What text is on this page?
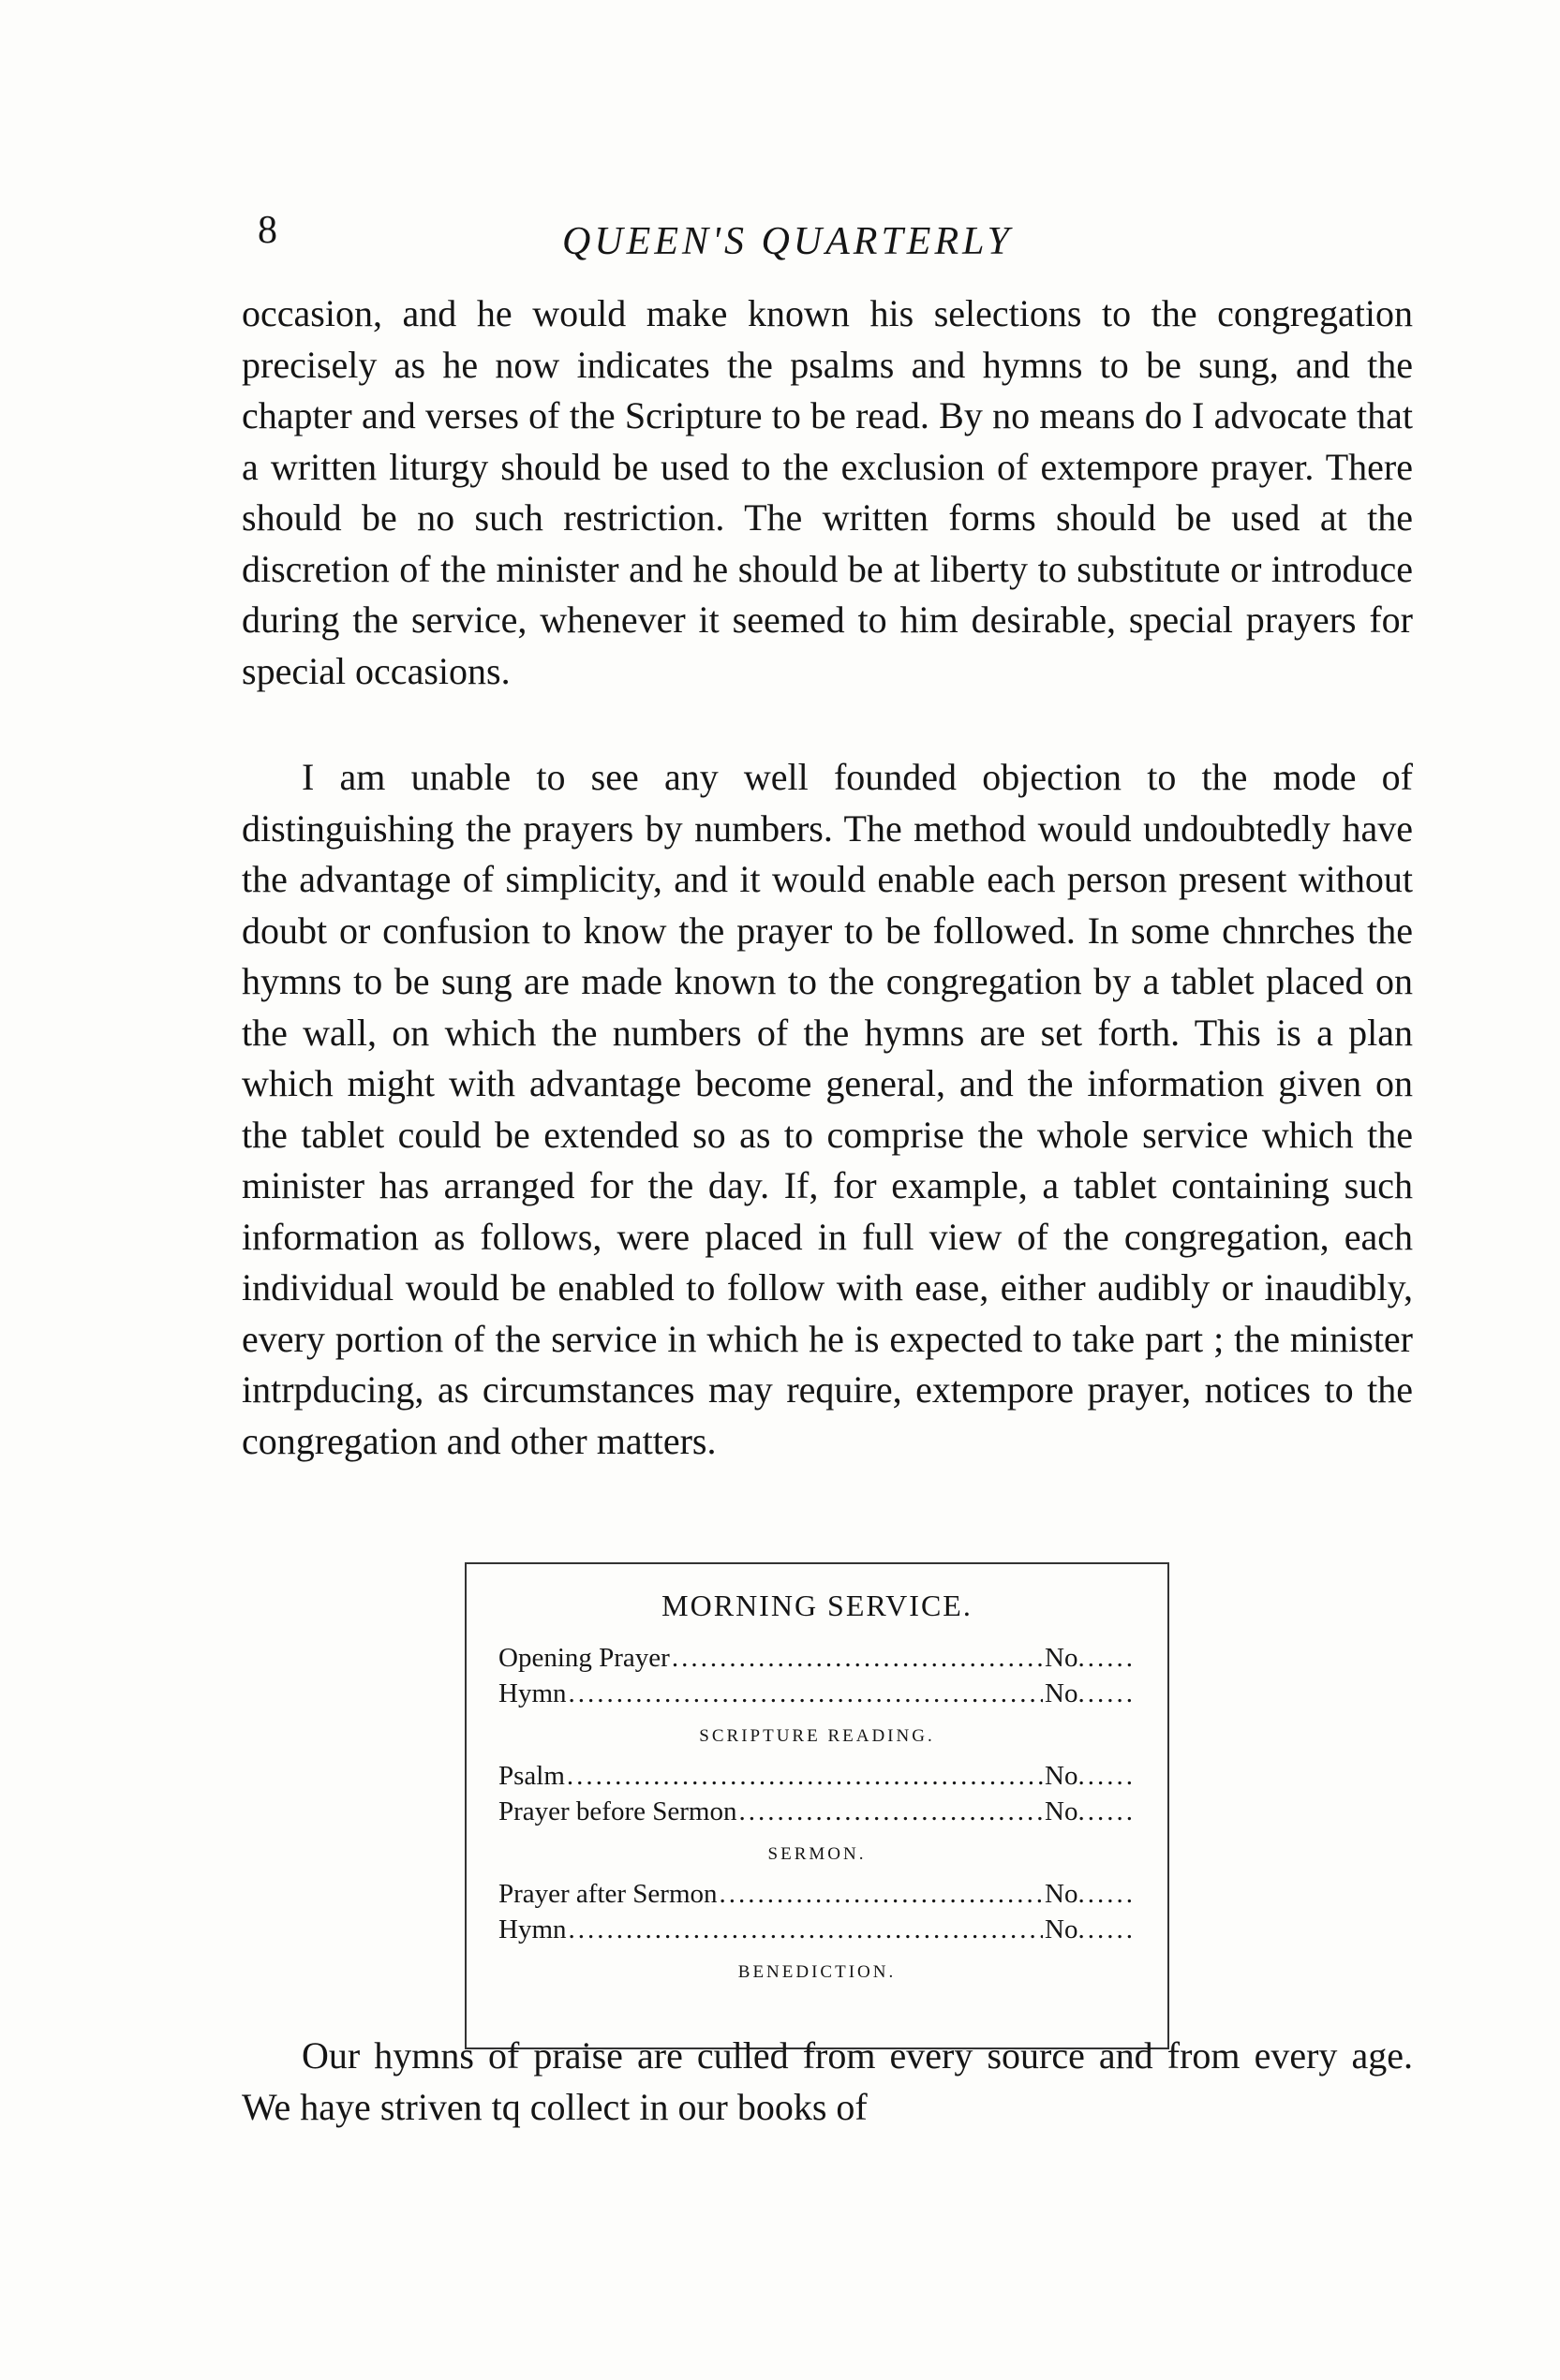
8	QUEEN'S QUARTERLY

occasion, and he would make known his selections to the congregation precisely as he now indicates the psalms and hymns to be sung, and the chapter and verses of the Scripture to be read. By no means do I advocate that a written liturgy should be used to the exclusion of extempore prayer. There should be no such restriction. The written forms should be used at the discretion of the minister and he should be at liberty to substitute or introduce during the service, whenever it seemed to him desirable, special prayers for special occasions.

I am unable to see any well founded objection to the mode of distinguishing the prayers by numbers. The method would undoubtedly have the advantage of simplicity, and it would enable each person present without doubt or confusion to know the prayer to be followed. In some chnrches the hymns to be sung are made known to the congregation by a tablet placed on the wall, on which the numbers of the hymns are set forth. This is a plan which might with advantage become general, and the information given on the tablet could be extended so as to comprise the whole service which the minister has arranged for the day. If, for example, a tablet containing such information as follows, were placed in full view of the congregation, each individual would be enabled to follow with ease, either audibly or inaudibly, every portion of the service in which he is expected to take part ; the minister intrpducing, as circumstances may require, extempore prayer, notices to the congregation and other matters.

MORNING SERVICE.
Opening Prayer .....	No ......
Hymn .....	No ......
SCRIPTURE READING.
Psalm .....	No ......
Prayer before Sermon .....	No ......
SERMON.
Prayer after Sermon .....	No ......
Hymn .....	No ......
BENEDICTION.

Our hymns of praise are culled from every source and from every age. We haye striven tq collect in our books of
